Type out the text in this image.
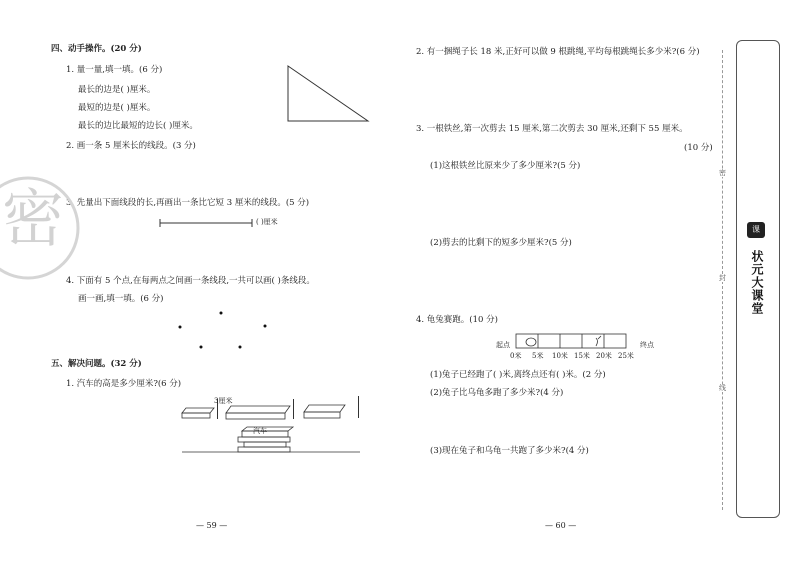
四、动手操作。(20 分)
1. 量一量,填一填。(6 分)
最长的边是( )厘米。
最短的边是( )厘米。
最长的边比最短的边长( )厘米。
2. 画一条 5 厘米长的线段。(3 分)
3. 先量出下面线段的长,再画出一条比它短 3 厘米的线段。(5 分)
( )厘米
密
4. 下面有 5 个点,在每两点之间画一条线段,一共可以画( )条线段。
画一画,填一填。(6 分)
五、解决问题。(32 分)
1. 汽车的高是多少厘米?(6 分)
3厘米
汽车
— 59 —
2. 有一捆绳子长 18 米,正好可以做 9 根跳绳,平均每根跳绳长多少米?(6 分)
3. 一根铁丝,第一次剪去 15 厘米,第二次剪去 30 厘米,还剩下 55 厘米。
(10 分)
(1)这根铁丝比原来少了多少厘米?(5 分)
(2)剪去的比剩下的短多少厘米?(5 分)
4. 龟兔赛跑。(10 分)
起点	终点
0米 5米 10米 15米 20米 25米
(1)兔子已经跑了( )米,离终点还有( )米。(2 分)
(2)兔子比乌龟多跑了多少米?(4 分)
(3)现在兔子和乌龟一共跑了多少米?(4 分)
— 60 —
密
封
线
课
状元大课堂
